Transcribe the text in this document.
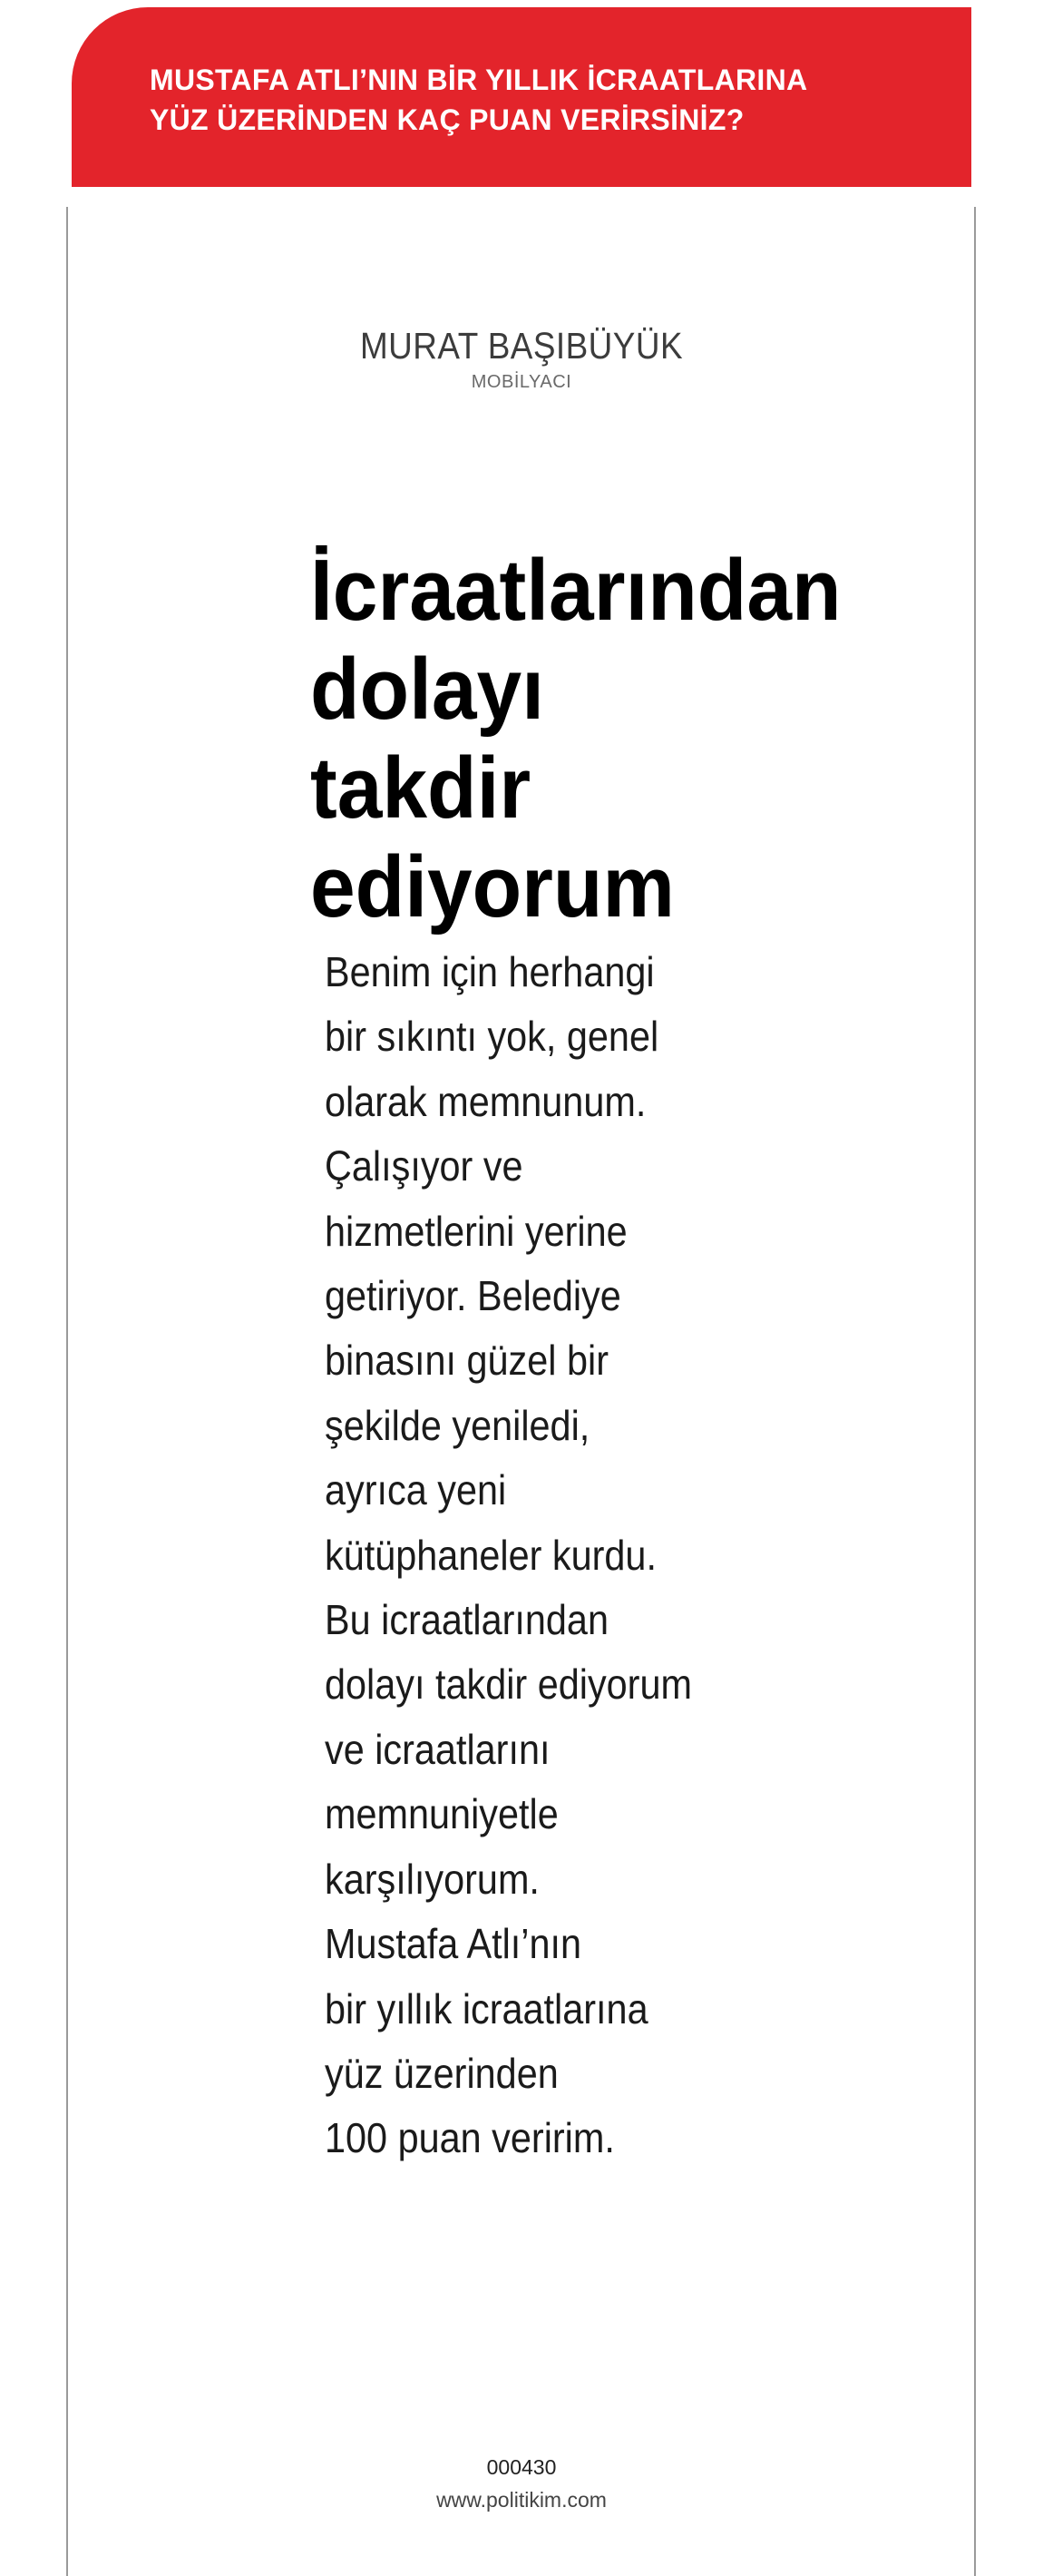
MUSTAFA ATLI’NIN BİR YILLIK İCRAATLARINA
YÜZ ÜZERİNDEN KAÇ PUAN VERİRSİNİZ?
MURAT BAŞIBÜYÜK
MOBİLYACI
İcraatlarından
dolayı
takdir
ediyorum
Benim için herhangi
bir sıkıntı yok, genel
olarak memnunum.
Çalışıyor ve
hizmetlerini yerine
getiriyor. Belediye
binasını güzel bir
şekilde yeniledi,
ayrıca yeni
kütüphaneler kurdu.
Bu icraatlarından
dolayı takdir ediyorum
ve icraatlarını
memnuniyetle
karşılıyorum.
Mustafa Atlı’nın
bir yıllık icraatlarına
yüz üzerinden
100 puan veririm.
000430
www.politikim.com
